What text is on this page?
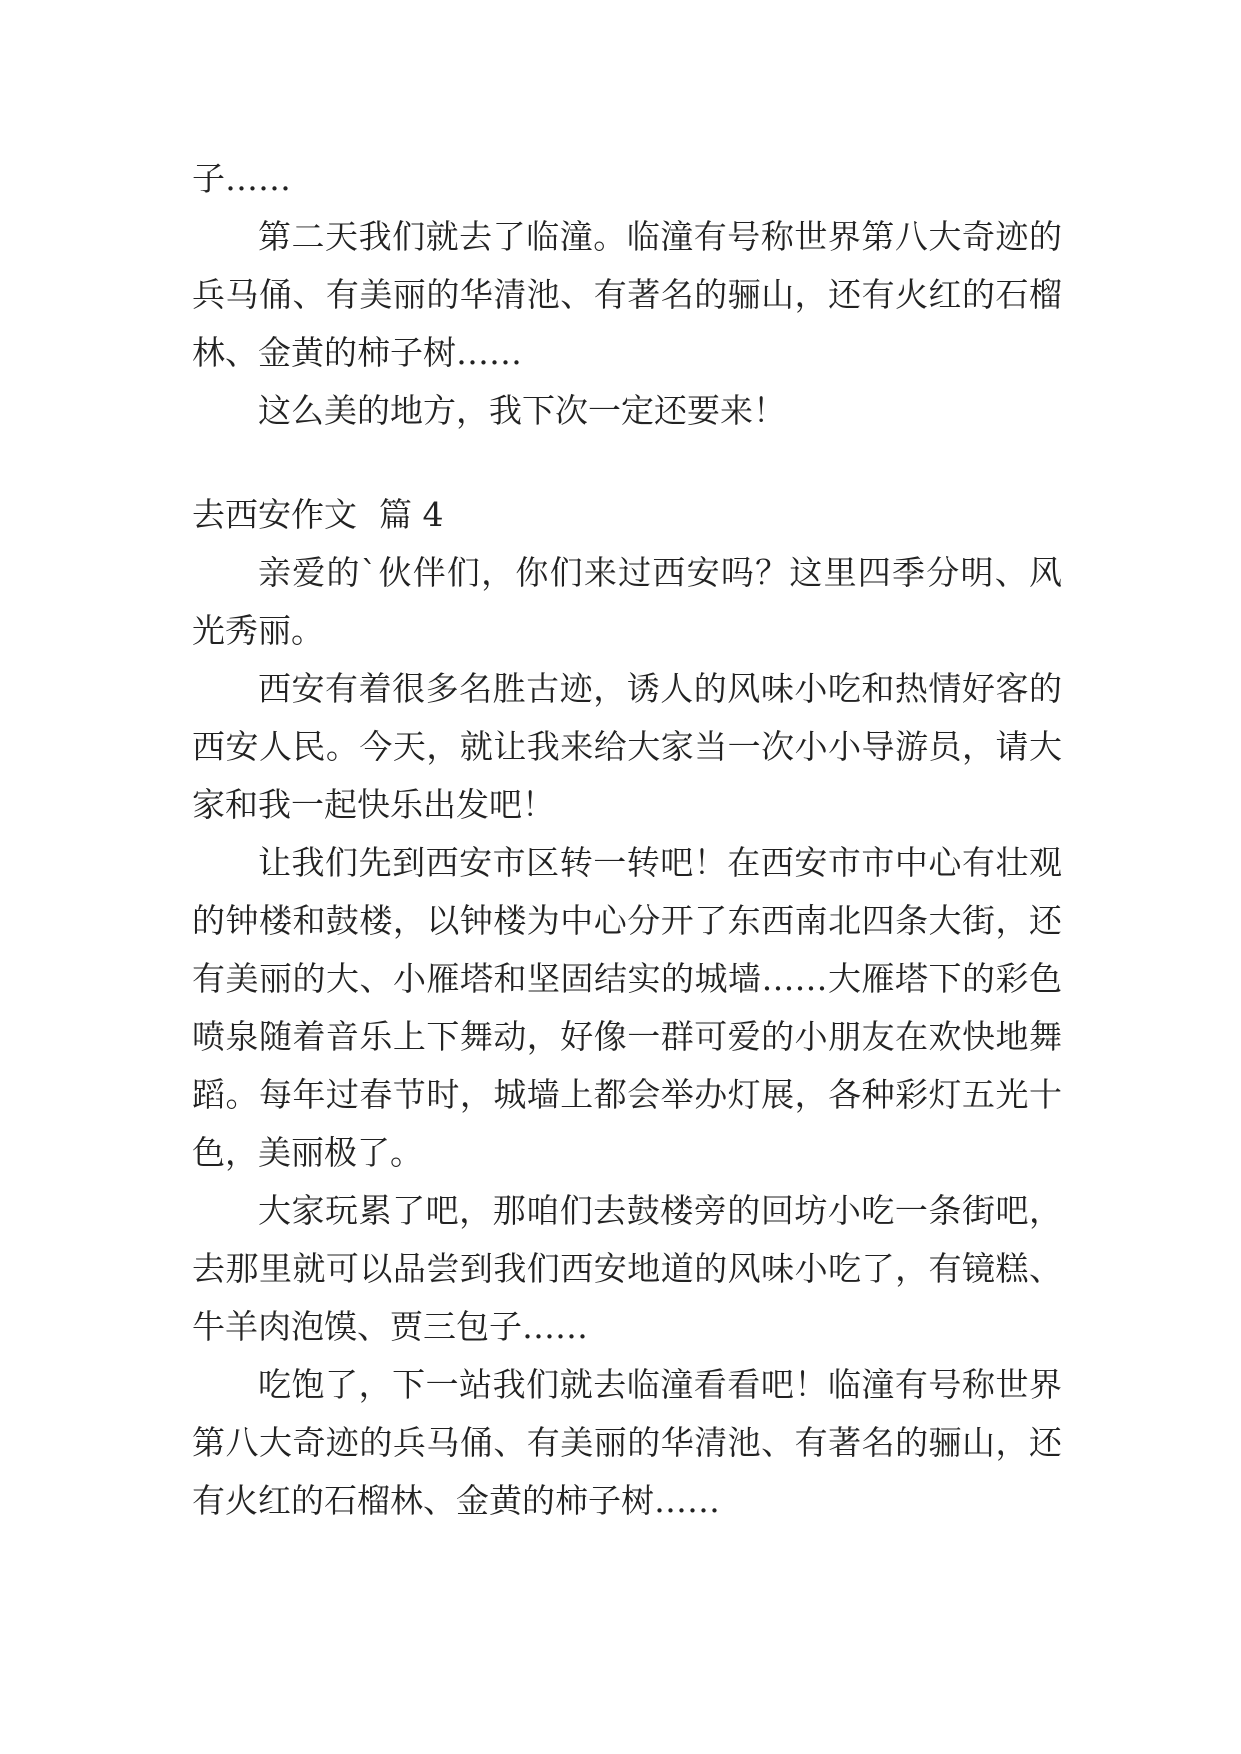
子……

第二天我们就去了临潼。临潼有号称世界第八大奇迹的兵马俑、有美丽的华清池、有著名的骊山，还有火红的石榴林、金黄的柿子树……

这么美的地方，我下次一定还要来！

去西安作文 篇 4

亲爱的`伙伴们，你们来过西安吗？这里四季分明、风光秀丽。

西安有着很多名胜古迹，诱人的风味小吃和热情好客的西安人民。今天，就让我来给大家当一次小小导游员，请大家和我一起快乐出发吧！

让我们先到西安市区转一转吧！在西安市市中心有壮观的钟楼和鼓楼，以钟楼为中心分开了东西南北四条大街，还有美丽的大、小雁塔和坚固结实的城墙……大雁塔下的彩色喷泉随着音乐上下舞动，好像一群可爱的小朋友在欢快地舞蹈。每年过春节时，城墙上都会举办灯展，各种彩灯五光十色，美丽极了。

大家玩累了吧，那咱们去鼓楼旁的回坊小吃一条街吧，去那里就可以品尝到我们西安地道的风味小吃了，有镜糕、牛羊肉泡馍、贾三包子……

吃饱了，下一站我们就去临潼看看吧！临潼有号称世界第八大奇迹的兵马俑、有美丽的华清池、有著名的骊山，还有火红的石榴林、金黄的柿子树……
